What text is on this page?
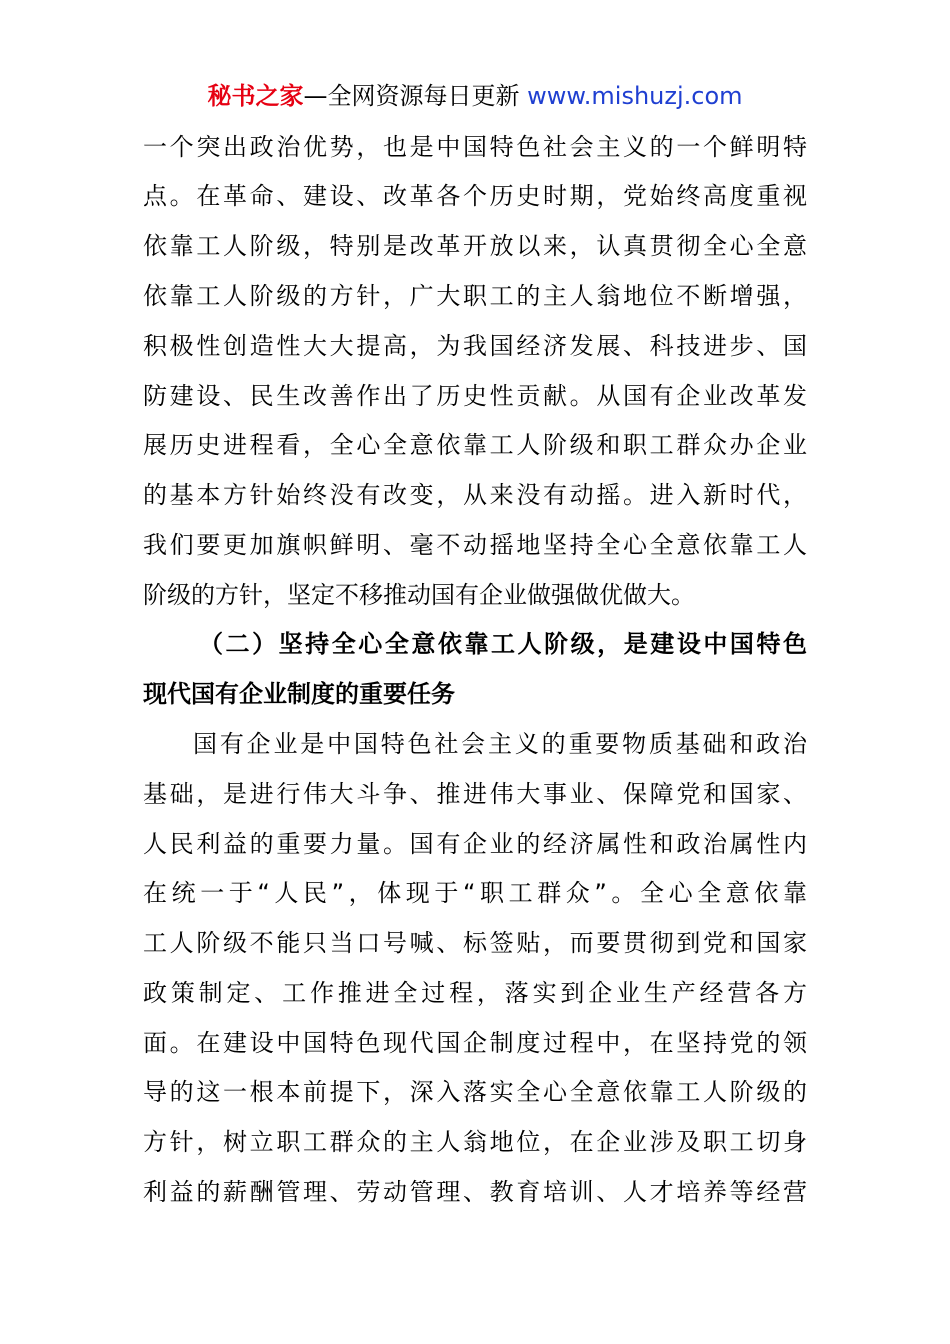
秘书之家—全网资源每日更新 www.mishuzj.com
一个突出政治优势，也是中国特色社会主义的一个鲜明特
点。在革命、建设、改革各个历史时期，党始终高度重视
依靠工人阶级，特别是改革开放以来，认真贯彻全心全意
依靠工人阶级的方针，广大职工的主人翁地位不断增强，
积极性创造性大大提高，为我国经济发展、科技进步、国
防建设、民生改善作出了历史性贡献。从国有企业改革发
展历史进程看，全心全意依靠工人阶级和职工群众办企业
的基本方针始终没有改变，从来没有动摇。进入新时代，
我们要更加旗帜鲜明、毫不动摇地坚持全心全意依靠工人
阶级的方针，坚定不移推动国有企业做强做优做大。
（二）坚持全心全意依靠工人阶级，是建设中国特色
现代国有企业制度的重要任务
国有企业是中国特色社会主义的重要物质基础和政治
基础，是进行伟大斗争、推进伟大事业、保障党和国家、
人民利益的重要力量。国有企业的经济属性和政治属性内
在统一于“人民”，体现于“职工群众”。全心全意依靠
工人阶级不能只当口号喊、标签贴，而要贯彻到党和国家
政策制定、工作推进全过程，落实到企业生产经营各方
面。在建设中国特色现代国企制度过程中，在坚持党的领
导的这一根本前提下，深入落实全心全意依靠工人阶级的
方针，树立职工群众的主人翁地位，在企业涉及职工切身
利益的薪酬管理、劳动管理、教育培训、人才培养等经营
